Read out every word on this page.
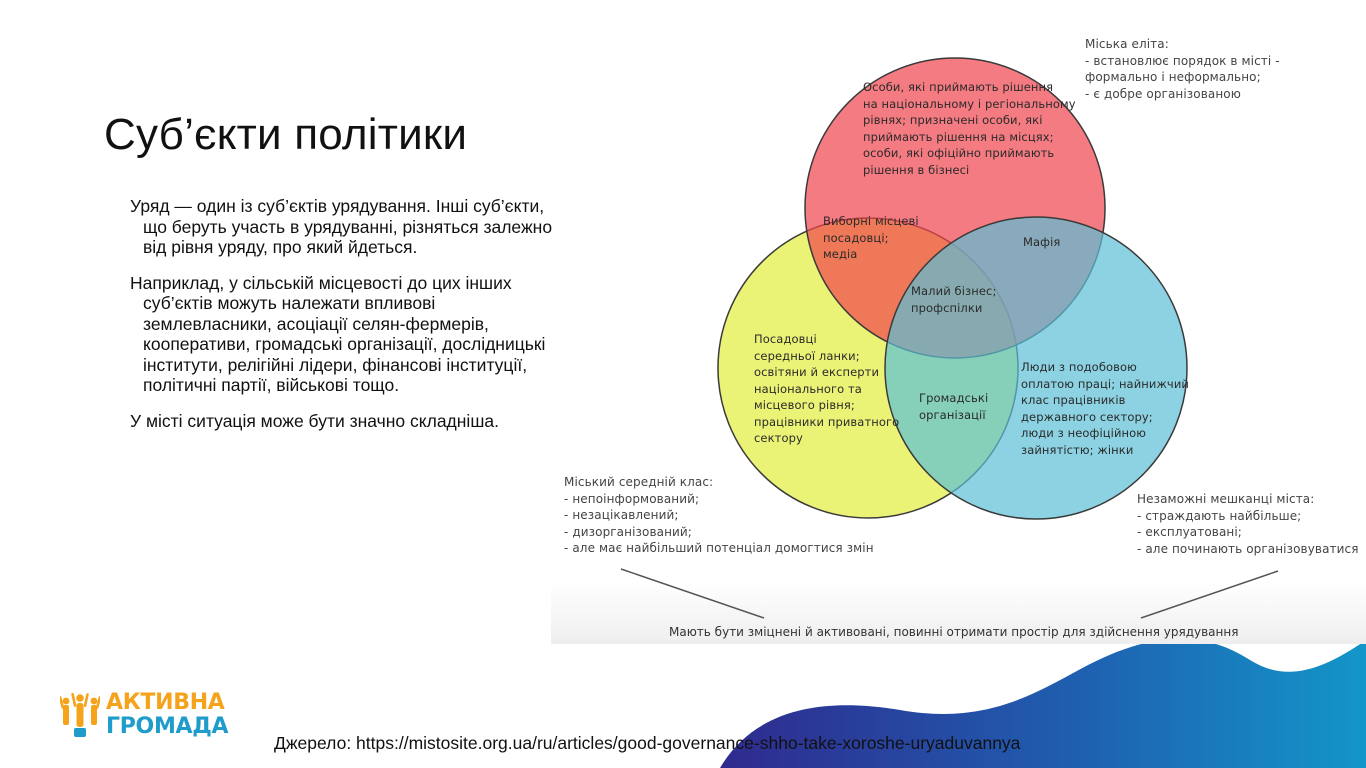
Суб’єкти політики

Уряд — один із суб’єктів урядування. Інші суб’єкти, що беруть участь в урядуванні, різняться залежно від рівня уряду, про який йдеться.

Наприклад, у сільській місцевості до цих інших суб’єктів можуть належати впливові землевласники, асоціації селян-фермерів, кооперативи, громадські організації, дослідницькі інститути, релігійні лідери, фінансові інституції, політичні партії, військові тощо.

У місті ситуація може бути значно складніша.

Особи, які приймають рішення
на національному і регіональному
рівнях; призначені особи, які
приймають рішення на місцях;
особи, які офіційно приймають
рішення в бізнесі
Виборні місцеві
посадовці;
медіа
Мафія
Малий бізнес;
профспілки
Посадовці
середньої ланки;
освітяни й експерти
національного та
місцевого рівня;
працівники приватного
сектору
Громадські
організації
Люди з подобовою
оплатою праці; найнижчий
клас працівників
державного сектору;
люди з неофіційною
зайнятістю; жінки
Міська еліта:
- встановлює порядок в місті -
формально і неформально;
- є добре організованою
Міський середній клас:
- непоінформований;
- незацікавлений;
- дизорганізований;
- але має найбільший потенціал домогтися змін
Незаможні мешканці міста:
- страждають найбільше;
- експлуатовані;
- але починають організовуватися
Мають бути зміцнені й активовані, повинні отримати простір для здійснення урядування
АКТИВНА
ГРОМАДА
Джерело: https://mistosite.org.ua/ru/articles/good-governance-shho-take-xoroshe-uryaduvannya
